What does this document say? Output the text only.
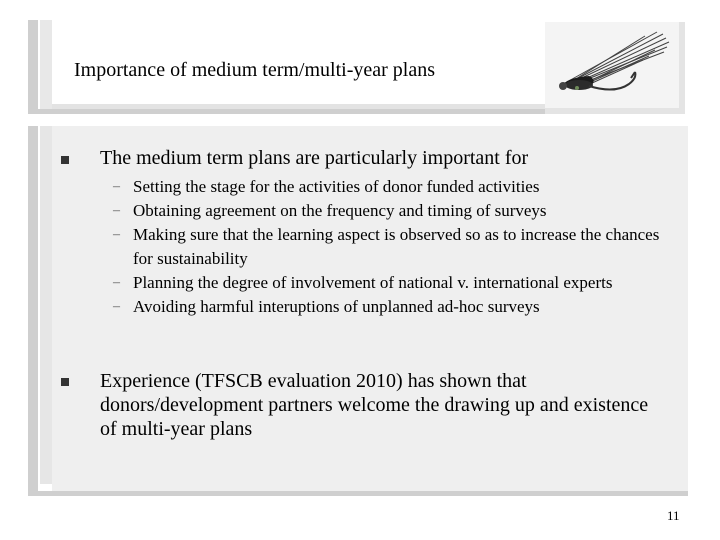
Importance of medium term/multi-year plans
The medium term plans are particularly important for
– Setting the stage for the activities of donor funded activities
– Obtaining agreement on the frequency and timing of surveys
– Making sure that the learning aspect is observed so as to increase the chances for sustainability
– Planning the degree of involvement of national v. international experts
– Avoiding harmful interuptions of unplanned ad-hoc surveys
Experience (TFSCB evaluation 2010) has shown that donors/development partners welcome the drawing up and existence of multi-year plans
11
